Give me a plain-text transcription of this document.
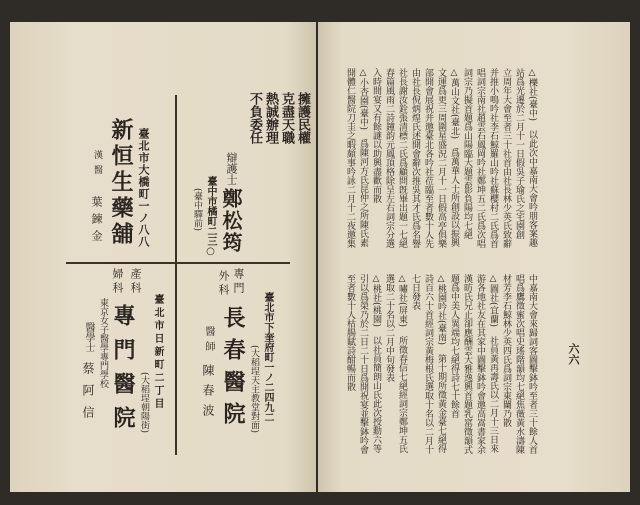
擁護民權
克盡天職
熱誠辦理
不負委任
辯護士
鄭松筠
臺中市橘町二三○
(臺中驛前)
臺北市大橋町一ノ八八
新恒生藥舖
漢醫
葉鍊金
專門
外科
臺北市下奎府町一ノ二四九二
(大稻埕天主教堂對面)
長春醫院
醫師
陳春波
產科
婦科
臺北市日新町二丁目
(大稻埕朝陽街)
專門醫院
東京女子醫學專門學校
醫學士
蔡阿信
△櫟社(臺中)　以此次中嘉南大會吟朋客案趣
站爲光遷於二月十一日假吳子瑜氏之宅園創
立周年大會至者三十社首由社長林少英氏致辭
并推小鳴吟社李石鯨羅山吟社蘇櫻村二氏爲首
唱詞宗南社趙雲石鳳岡吟社鄭坤五二氏爲次唱
詞宗乃擬首題爲山陽臨大題雲影負陽均七絕
△萬山文社(臺北)　爲萬華人士所創設以振興
文運爲更三周圍星盛況二月十一日假高亭俱樂
部開會展祝并邀臺北各吟社莅臨至者數十人先
由社長倪炳煌氏述開會辭次推吳其才氏爲名譽
社長謝汝銓張清標二氏爲顧問旣畢出題一七絕
春篇風雨二詩鐘韵元鳳頂格除呈左右詞宗分選
入時間宴又有餘謎以助興盡歡而散
△小杏園(臺中)　爲陳河方氏昆仲之所陳氏素
開體仁醫院刀圭之暇頗事吟詠二月十二夜邀集
中嘉南大會來歸詞客圖擊鉢吟至者三十餘人首
唱爲鷹徵蜜次唱史瑤階韻均七絕焦薇黃水濤陳
材芳李石鯨林少英四氏爲詞宗東闌乃散
△圖社(宜蘭)　社員黃再壽氏以二月十三日來
游各地社友在其家中圖擊鉢吟會邀高嵩書家余
漢昉氏兄止卻應酬雲大雅逸興首題乳窰徵韻式
題爲中美人異端均七絕得詩七十餘首
△桃園吟社(臺南)　第十期所徵黃金臺七絕得
詩百六十首經詞宗黃梅根氏選取十名以二月十
七日發表
△嘯社(屏東)　所徵春信七絕經詞宗鄭坤五氏
選取二十名以二月中旬發表
△桃社(桃園)　以社員簡朗山氏此次授勳六等
引以爲榮乃於二日二十日爲開祝宴並擊鉢吟會
至者數十人枯腸賦詩酣暢而散	六六
